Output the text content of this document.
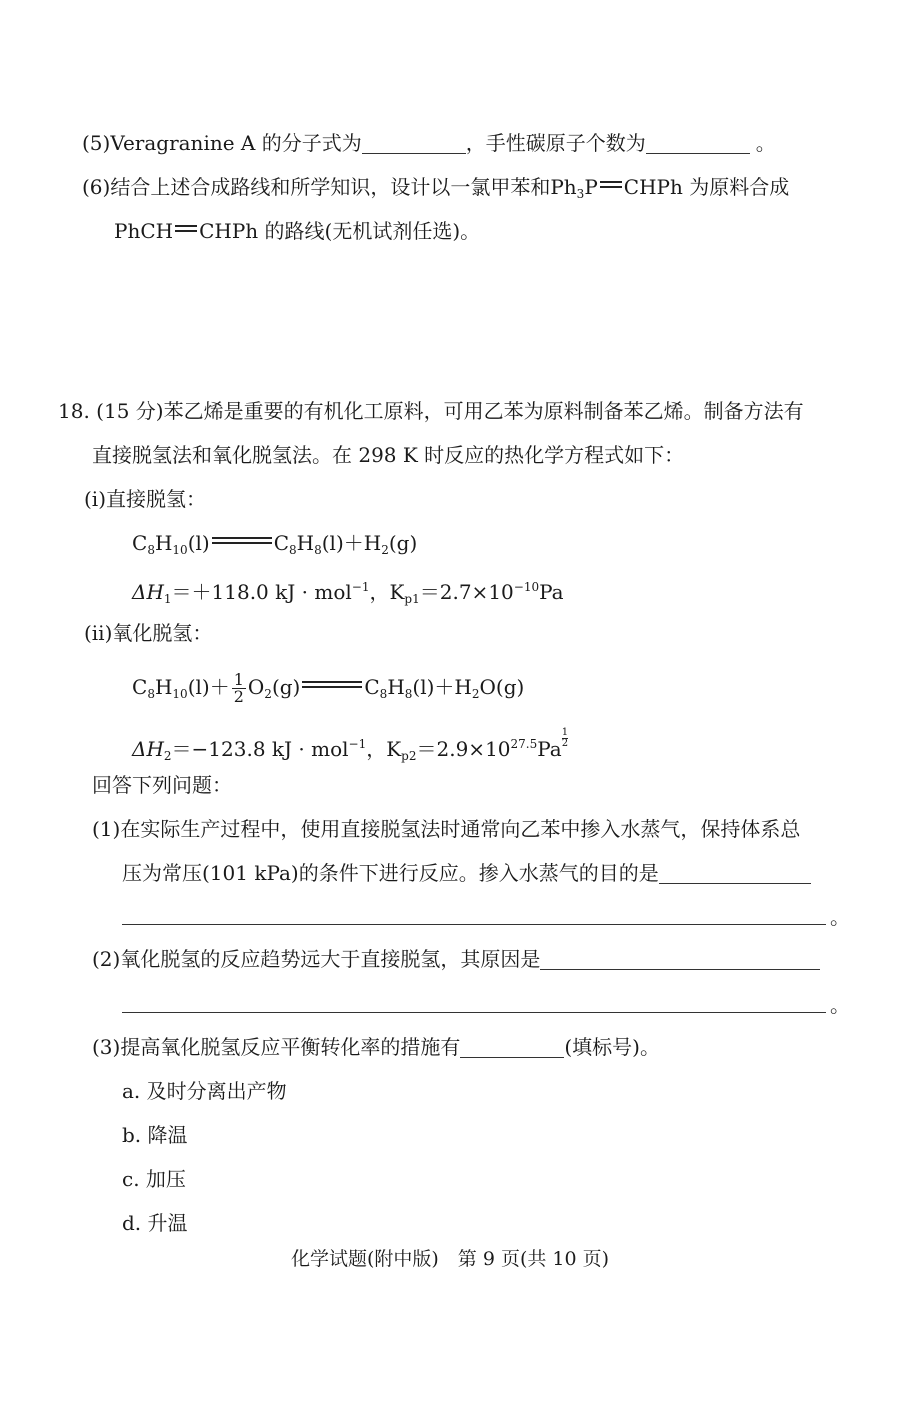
(5)Veragranine A 的分子式为	，手性碳原子个数为	。
(6)结合上述合成路线和所学知识，设计以一氯甲苯和$Ph_3P$ CHPh 为原料合成
PhCH CHPh 的路线(无机试剂任选)。
18. (15 分)苯乙烯是重要的有机化工原料，可用乙苯为原料制备苯乙烯。制备方法有
直接脱氢法和氧化脱氢法。在 298 K 时反应的热化学方程式如下：
(ⅰ)直接脱氢：
$C_8H_{10}(l)$	$C_8H_8(l)+H_2(g)$
$\Delta H_1=+118.0$ kJ · mol$^{-1}$，$K_{p1}=2.7\times 10^{-10}Pa$
(ⅱ)氧化脱氢：
$C_8H_{10}(l)+ \frac{1}{2} O_2(g)$	$C_8H_8(l)+H_2O(g)$
$\Delta H_2=-123.8$ kJ · mol$^{-1}$，$K_{p2}=2.9\times 10^{27.5}Pa \frac{1}{2}$
回答下列问题：
(1)在实际生产过程中，使用直接脱氢法时通常向乙苯中掺入水蒸气，保持体系总
压为常压(101 kPa)的条件下进行反应。掺入水蒸气的目的是
。
(2)氧化脱氢的反应趋势远大于直接脱氢，其原因是
。
(3)提高氧化脱氢反应平衡转化率的措施有	(填标号)。
a. 及时分离出产物
b. 降温
c. 加压
d. 升温
化学试题(附中版)　第 9 页(共 10 页)
